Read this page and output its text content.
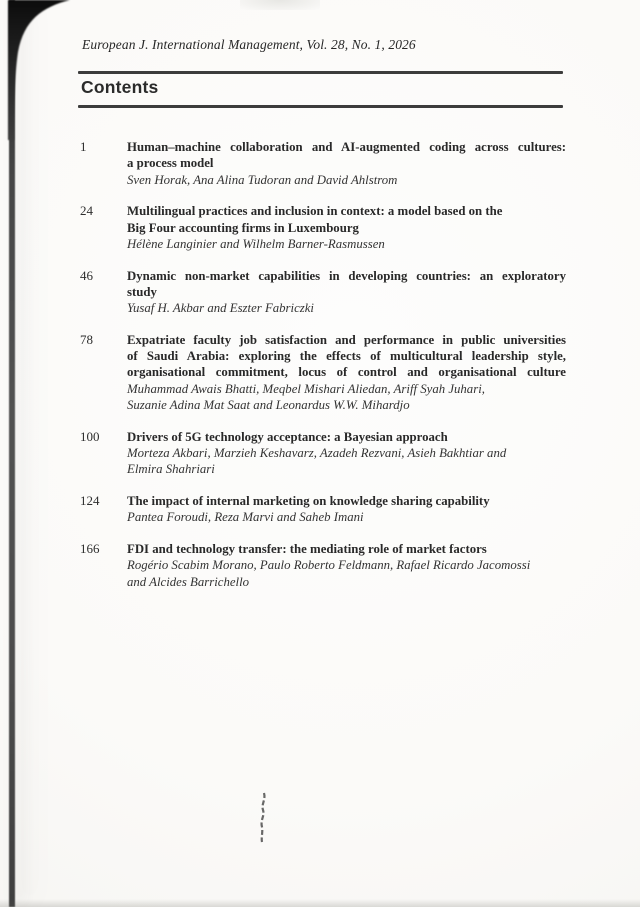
European J. International Management, Vol. 28, No. 1, 2026
Contents
1	Human–machine collaboration and AI-augmented coding across cultures:
a process model
Sven Horak, Ana Alina Tudoran and David Ahlstrom
24	Multilingual practices and inclusion in context: a model based on the
Big Four accounting firms in Luxembourg
Hélène Langinier and Wilhelm Barner-Rasmussen
46	Dynamic non-market capabilities in developing countries: an exploratory
study
Yusaf H. Akbar and Eszter Fabriczki
78	Expatriate faculty job satisfaction and performance in public universities
of Saudi Arabia: exploring the effects of multicultural leadership style,
organisational commitment, locus of control and organisational culture
Muhammad Awais Bhatti, Meqbel Mishari Aliedan, Ariff Syah Juhari,
Suzanie Adina Mat Saat and Leonardus W.W. Mihardjo
100	Drivers of 5G technology acceptance: a Bayesian approach
Morteza Akbari, Marzieh Keshavarz, Azadeh Rezvani, Asieh Bakhtiar and
Elmira Shahriari
124	The impact of internal marketing on knowledge sharing capability
Pantea Foroudi, Reza Marvi and Saheb Imani
166	FDI and technology transfer: the mediating role of market factors
Rogério Scabim Morano, Paulo Roberto Feldmann, Rafael Ricardo Jacomossi
and Alcides Barrichello
